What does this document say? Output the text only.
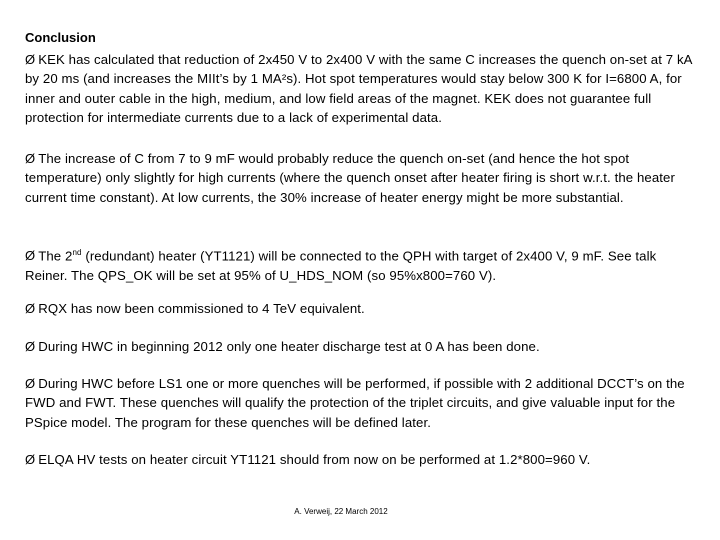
Conclusion
Ø KEK has calculated that reduction of 2x450 V to 2x400 V with the same C increases the quench on-set at 7 kA by 20 ms (and increases the MIIt’s by 1 MA²s). Hot spot temperatures would stay below 300 K for I=6800 A, for inner and outer cable in the high, medium, and low field areas of the magnet. KEK does not guarantee full protection for intermediate currents due to a lack of experimental data.
Ø The increase of C from 7 to 9 mF would probably reduce the quench on-set (and hence the hot spot temperature) only slightly for high currents (where the quench onset after heater firing is short w.r.t. the heater current time constant). At low currents, the 30% increase of heater energy might be more substantial.
Ø The 2nd (redundant) heater (YT1121) will be connected to the QPH with target of 2x400 V, 9 mF. See talk Reiner. The QPS_OK will be set at 95% of U_HDS_NOM (so 95%x800=760 V).
Ø RQX has now been commissioned to 4 TeV equivalent.
Ø During HWC in beginning 2012 only one heater discharge test at 0 A has been done.
Ø During HWC before LS1 one or more quenches will be performed, if possible with 2 additional DCCT’s on the FWD and FWT. These quenches will qualify the protection of the triplet circuits, and give valuable input for the PSpice model. The program for these quenches will be defined later.
Ø ELQA HV tests on heater circuit YT1121 should from now on be performed at 1.2*800=960 V.
A. Verweij, 22 March 2012
